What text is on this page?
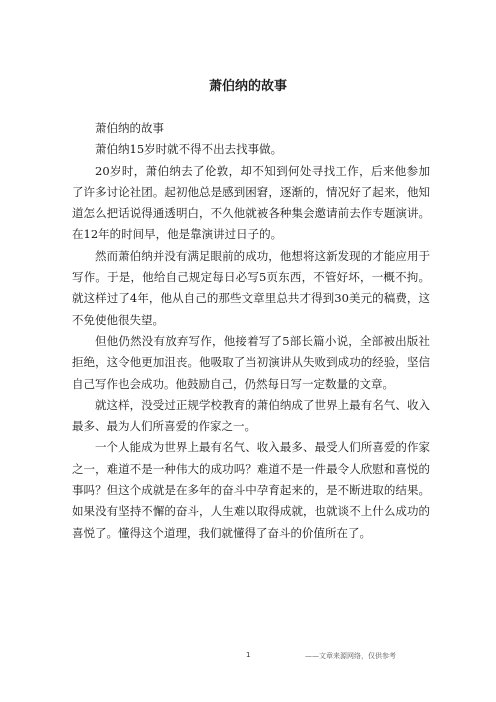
萧伯纳的故事

萧伯纳的故事

萧伯纳15岁时就不得不出去找事做。

20岁时，萧伯纳去了伦敦，却不知到何处寻找工作，后来他参加了许多讨论社团。起初他总是感到困窘，逐渐的，情况好了起来，他知道怎么把话说得通透明白，不久他就被各种集会邀请前去作专题演讲。在12年的时间早，他是靠演讲过日子的。

然而萧伯纳并没有满足眼前的成功，他想将这新发现的才能应用于写作。于是，他给自己规定每日必写5页东西，不管好坏，一概不拘。就这样过了4年，他从自己的那些文章里总共才得到30美元的稿费，这不免使他很失望。

但他仍然没有放弃写作，他接着写了5部长篇小说，全部被出版社拒绝，这令他更加沮丧。他吸取了当初演讲从失败到成功的经验，坚信自己写作也会成功。他鼓励自己，仍然每日写一定数量的文章。

就这样，没受过正规学校教育的萧伯纳成了世界上最有名气、收入最多、最为人们所喜爱的作家之一。

一个人能成为世界上最有名气、收入最多、最受人们所喜爱的作家之一，难道不是一种伟大的成功吗？难道不是一件最令人欣慰和喜悦的事吗？但这个成就是在多年的奋斗中孕育起来的，是不断进取的结果。如果没有坚持不懈的奋斗，人生难以取得成就，也就谈不上什么成功的喜悦了。懂得这个道理，我们就懂得了奋斗的价值所在了。

1	——文章来源网络，仅供参考
